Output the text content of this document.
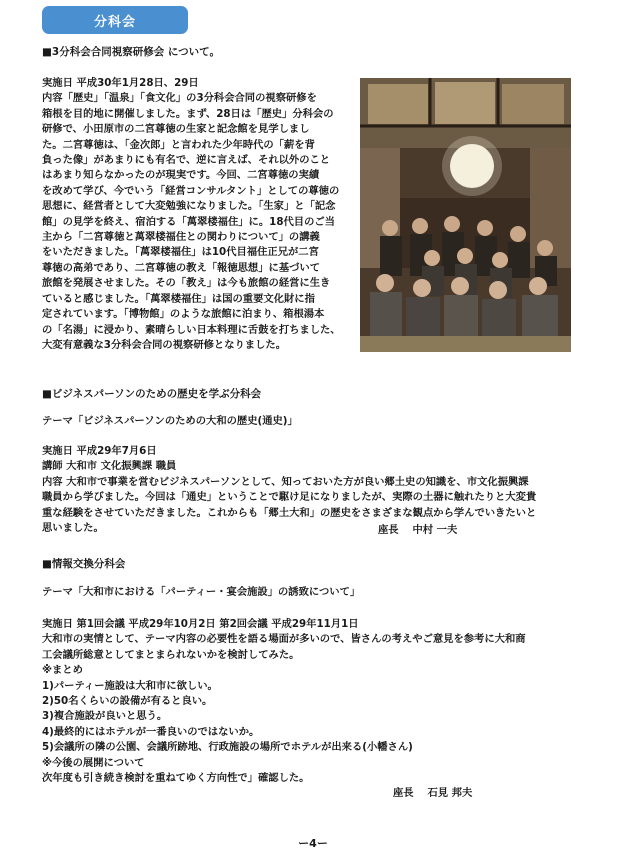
分科会
■3分科会合同視察研修会 について。
実施日 平成30年1月28日、29日
内容「歴史」「温泉」「食文化」の3分科会合同の視察研修を
箱根を目的地に開催しました。まず、28日は「歴史」分科会の
研修で、小田原市の二宮尊徳の生家と記念館を見学しまし
た。二宮尊徳は、「金次郎」と言われた少年時代の「薪を背
負った像」があまりにも有名で、逆に言えば、それ以外のこと
はあまり知らなかったのが現実です。今回、二宮尊徳の実績
を改めて学び、今でいう「経営コンサルタント」としての尊徳の
思想に、経営者として大変勉強になりました。「生家」と「記念
館」の見学を終え、宿泊する「萬翠楼福住」に。18代目のご当
主から「二宮尊徳と萬翠楼福住との関わりについて」の講義
をいただきました。「萬翠楼福住」は10代目福住正兄が二宮
尊徳の高弟であり、二宮尊徳の教え「報徳思想」に基づいて
旅館を発展させました。その「教え」は今も旅館の経営に生き
ていると感じました。「萬翠楼福住」は国の重要文化財に指
定されています。「博物館」のような旅館に泊まり、箱根湯本
の「名湯」に浸かり、素晴らしい日本料理に舌鼓を打ちました、
大変有意義な3分科会合同の視察研修となりました。
■ビジネスパーソンのための歴史を学ぶ分科会
テーマ「ビジネスパーソンのための大和の歴史(通史)」
実施日 平成29年7月6日
講師 大和市 文化振興課 職員
内容 大和市で事業を営むビジネスパーソンとして、知っておいた方が良い郷土史の知識を、市文化振興課
職員から学びました。今回は「通史」ということで駆け足になりましたが、実際の土器に触れたりと大変貴
重な経験をさせていただきました。これからも「郷土大和」の歴史をさまざまな観点から学んでいきたいと
思いました。	座長　 中村 一夫
■情報交換分科会
テーマ「大和市における「パーティー・宴会施設」の誘致について」
実施日 第1回会議 平成29年10月2日 第2回会議 平成29年11月1日
大和市の実情として、テーマ内容の必要性を語る場面が多いので、皆さんの考えやご意見を参考に大和商
工会議所総意としてまとまられないかを検討してみた。
※まとめ
1)パーティー施設は大和市に欲しい。
2)50名くらいの設備が有ると良い。
3)複合施設が良いと思う。
4)最終的にはホテルが一番良いのではないか。
5)会議所の隣の公園、会議所跡地、行政施設の場所でホテルが出来る(小幡さん)
※今後の展開について
次年度も引き続き検討を重ねてゆく方向性で」確認した。
座長　 石見 邦夫
ー4ー
